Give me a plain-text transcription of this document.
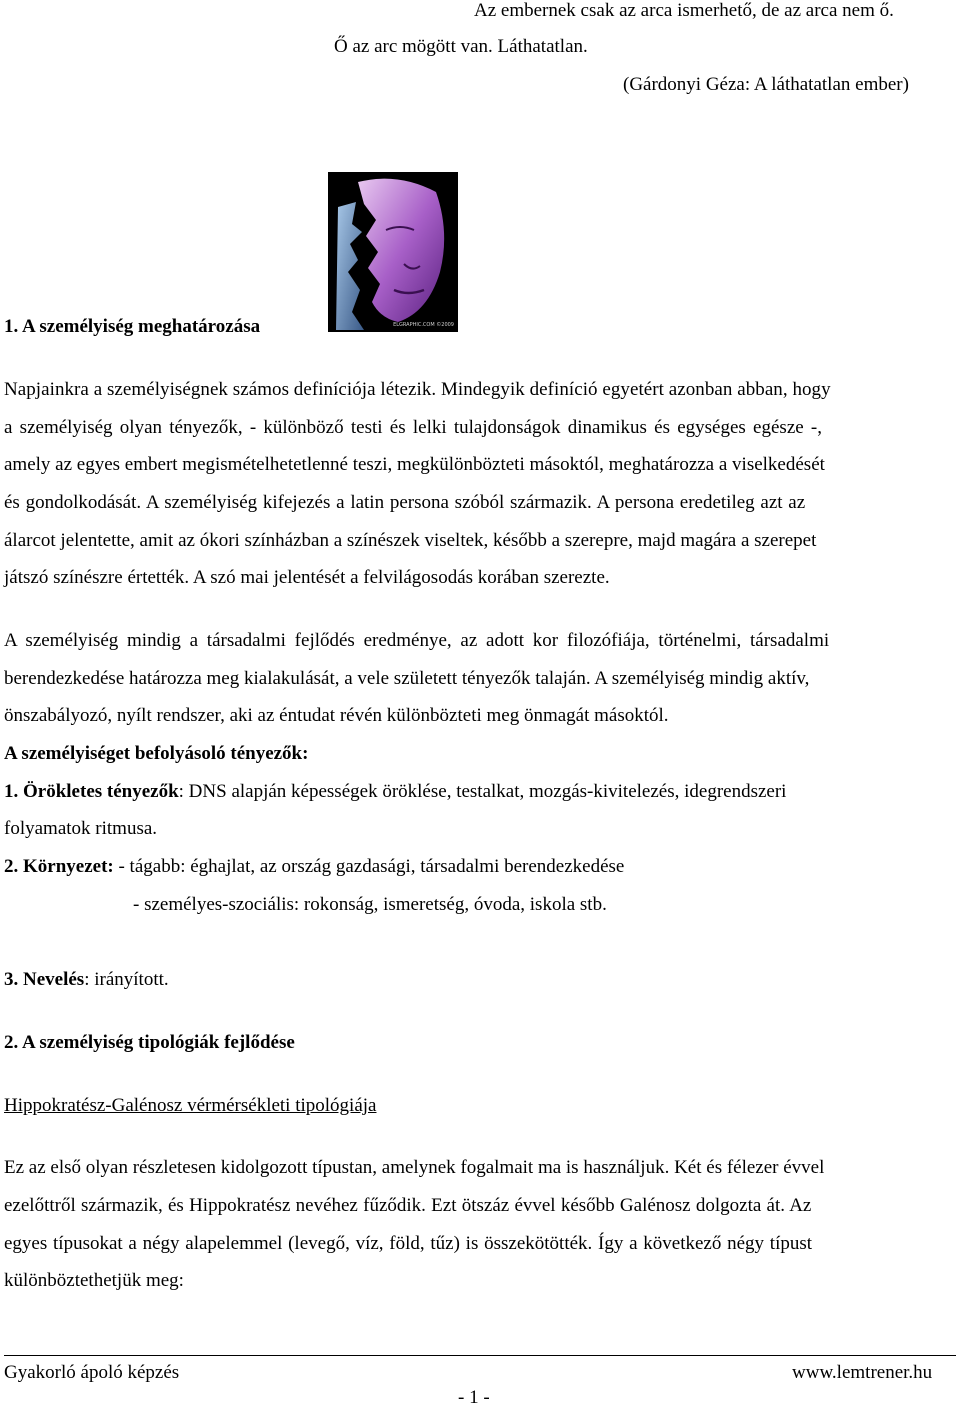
Az embernek csak az arca ismerhető, de az arca nem ő.
Ő az arc mögött van. Láthatatlan.
(Gárdonyi Géza: A láthatatlan ember)
ELGRAPHIC.COM ©2009
1. A személyiség meghatározása
Napjainkra a személyiségnek számos definíciója létezik. Mindegyik definíció egyetért azonban abban, hogy
a személyiség olyan tényezők, - különböző testi és lelki tulajdonságok dinamikus és egységes egésze -,
amely az egyes embert megismételhetetlenné teszi, megkülönbözteti másoktól, meghatározza a viselkedését
és gondolkodását. A személyiség kifejezés a latin persona szóból származik. A persona eredetileg azt az
álarcot jelentette, amit az ókori színházban a színészek viseltek, később a szerepre, majd magára a szerepet
játszó színészre értették. A szó mai jelentését a felvilágosodás korában szerezte.
A személyiség mindig a társadalmi fejlődés eredménye, az adott kor filozófiája, történelmi, társadalmi
berendezkedése határozza meg kialakulását, a vele született tényezők talaján. A személyiség mindig aktív,
önszabályozó, nyílt rendszer, aki az éntudat révén különbözteti meg önmagát másoktól.
A személyiséget befolyásoló tényezők:
1. Örökletes tényezők: DNS alapján képességek öröklése, testalkat, mozgás-kivitelezés, idegrendszeri
folyamatok ritmusa.
2. Környezet: - tágabb: éghajlat, az ország gazdasági, társadalmi berendezkedése
- személyes-szociális: rokonság, ismeretség, óvoda, iskola stb.
3. Nevelés: irányított.
2. A személyiség tipológiák fejlődése
Hippokratész-Galénosz vérmérsékleti tipológiája
Ez az első olyan részletesen kidolgozott típustan, amelynek fogalmait ma is használjuk. Két és félezer évvel
ezelőttről származik, és Hippokratész nevéhez fűződik. Ezt ötszáz évvel később Galénosz dolgozta át. Az
egyes típusokat a négy alapelemmel (levegő, víz, föld, tűz) is összekötötték. Így a következő négy típust
különböztethetjük meg:
Gyakorló ápoló képzés	www.lemtrener.hu
- 1 -
